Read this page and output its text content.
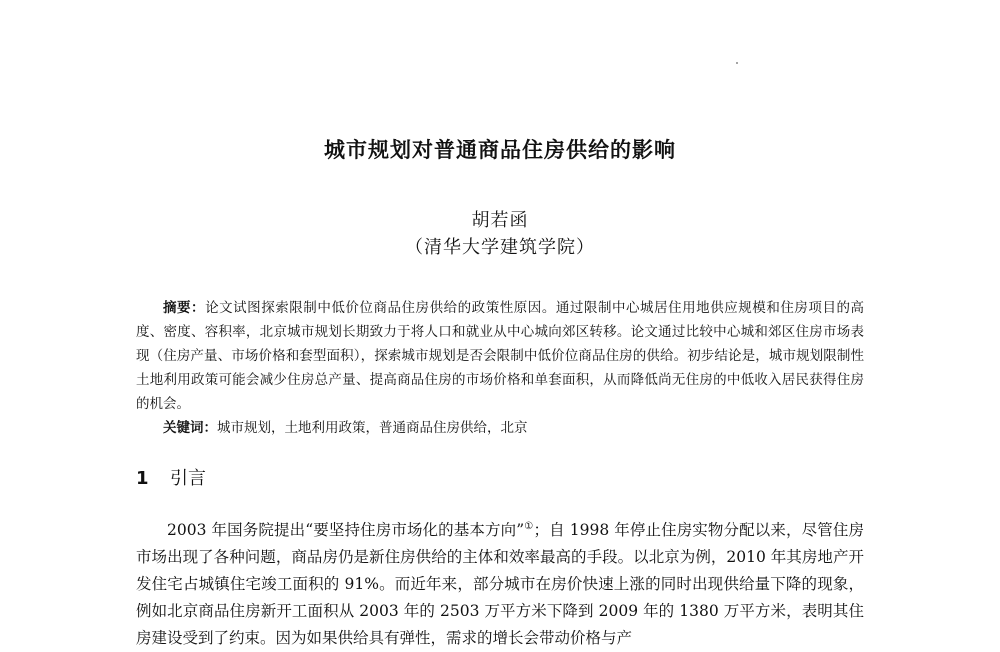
城市规划对普通商品住房供给的影响
胡若函
（清华大学建筑学院）
摘要：论文试图探索限制中低价位商品住房供给的政策性原因。通过限制中心城居住用地供应规模和住房项目的高度、密度、容积率，北京城市规划长期致力于将人口和就业从中心城向郊区转移。论文通过比较中心城和郊区住房市场表现（住房产量、市场价格和套型面积），探索城市规划是否会限制中低价位商品住房的供给。初步结论是，城市规划限制性土地利用政策可能会减少住房总产量、提高商品住房的市场价格和单套面积，从而降低尚无住房的中低收入居民获得住房的机会。
关键词：城市规划，土地利用政策，普通商品住房供给，北京
1 引言
2003 年国务院提出“要坚持住房市场化的基本方向”①；自 1998 年停止住房实物分配以来，尽管住房市场出现了各种问题，商品房仍是新住房供给的主体和效率最高的手段。以北京为例，2010 年其房地产开发住宅占城镇住宅竣工面积的 91%。而近年来，部分城市在房价快速上涨的同时出现供给量下降的现象，例如北京商品住房新开工面积从 2003 年的 2503 万平方米下降到 2009 年的 1380 万平方米，表明其住房建设受到了约束。因为如果供给具有弹性，需求的增长会带动价格与产
